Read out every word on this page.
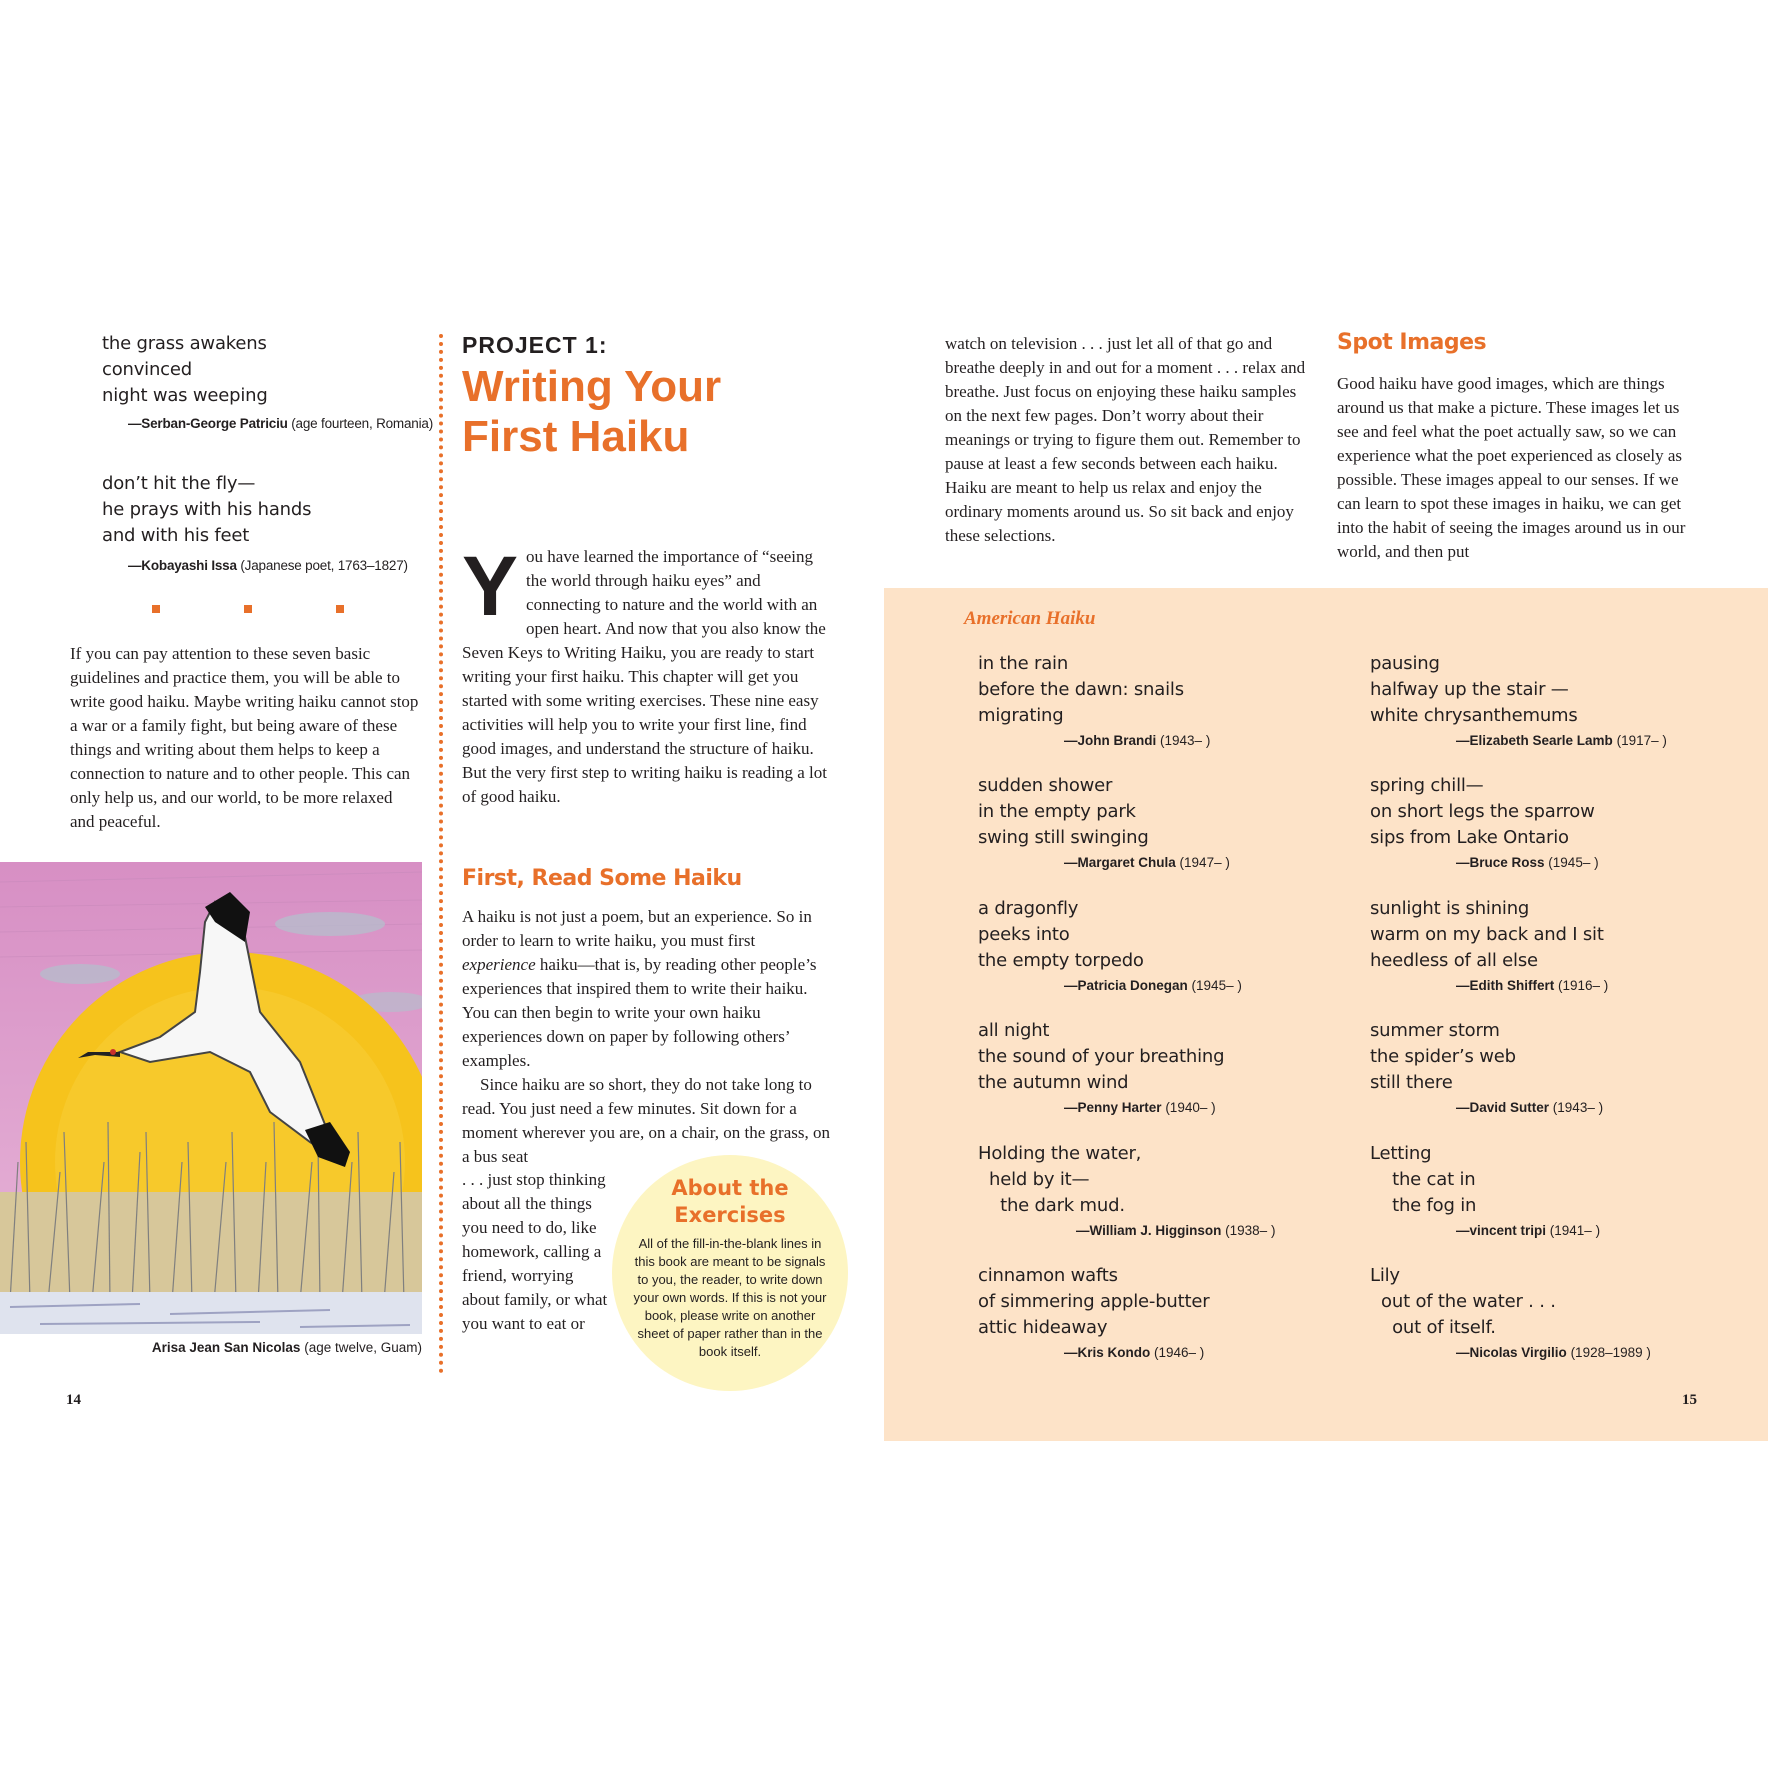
the grass awakens
convinced
night was weeping
—Serban-George Patriciu (age fourteen, Romania)
don’t hit the fly—
he prays with his hands
and with his feet
—Kobayashi Issa (Japanese poet, 1763–1827)

If you can pay attention to these seven basic guidelines and practice them, you will be able to write good haiku. Maybe writing haiku cannot stop a war or a family fight, but being aware of these things and writing about them helps to keep a connection to nature and to other people. This can only help us, and our world, to be more relaxed and peaceful.

Arisa Jean San Nicolas (age twelve, Guam)
14
PROJECT 1:
Writing Your
First Haiku
Y ou have learned the importance of “seeing the world through haiku eyes” and connecting to nature and the world with an open heart. And now that you also know the Seven Keys to Writing Haiku, you are ready to start writing your first haiku. This chapter will get you started with some writing exercises. These nine easy activities will help you to write your first line, find good images, and understand the structure of haiku. But the very first step to writing haiku is reading a lot of good haiku.
First, Read Some Haiku

A haiku is not just a poem, but an experience. So in order to learn to write haiku, you must first experience haiku—that is, by reading other people’s experiences that inspired them to write their haiku. You can then begin to write your own haiku experiences down on paper by following others’ examples.

Since haiku are so short, they do not take long to read. You just need a few minutes. Sit down for a moment wherever you are, on a chair, on the grass, on a bus seat

. . . just stop thinking about all the things you need to do, like homework, calling a friend, worrying about family, or what you want to eat or
About the
Exercises
All of the fill-in-the-blank lines in this book are meant to be signals to you, the reader, to write down your own words. If this is not your book, please write on another sheet of paper rather than in the book itself.
watch on television . . . just let all of that go and breathe deeply in and out for a moment . . . relax and breathe. Just focus on enjoying these haiku samples on the next few pages. Don’t worry about their meanings or trying to figure them out. Remember to pause at least a few seconds between each haiku. Haiku are meant to help us relax and enjoy the ordinary moments around us. So sit back and enjoy these selections.
Spot Images
Good haiku have good images, which are things around us that make a picture. These images let us see and feel what the poet actually saw, so we can experience what the poet experienced as closely as possible. These images appeal to our senses. If we can learn to spot these images in haiku, we can get into the habit of seeing the images around us in our world, and then put
American Haiku
in the rain
before the dawn: snails
migrating
—John Brandi (1943– )
sudden shower
in the empty park
swing still swinging
—Margaret Chula (1947– )
a dragonfly
peeks into
the empty torpedo
—Patricia Donegan (1945– )
all night
the sound of your breathing
the autumn wind
—Penny Harter (1940– )
Holding the water,
held by it—
the dark mud.
—William J. Higginson (1938– )
cinnamon wafts
of simmering apple-butter
attic hideaway
—Kris Kondo (1946– )
pausing
halfway up the stair —
white chrysanthemums
—Elizabeth Searle Lamb (1917– )
spring chill—
on short legs the sparrow
sips from Lake Ontario
—Bruce Ross (1945– )
sunlight is shining
warm on my back and I sit
heedless of all else
—Edith Shiffert (1916– )
summer storm
the spider’s web
still there
—David Sutter (1943– )
Letting
the cat in
the fog in
—vincent tripi (1941– )
Lily
out of the water . . .
out of itself.
—Nicolas Virgilio (1928–1989 )
15
